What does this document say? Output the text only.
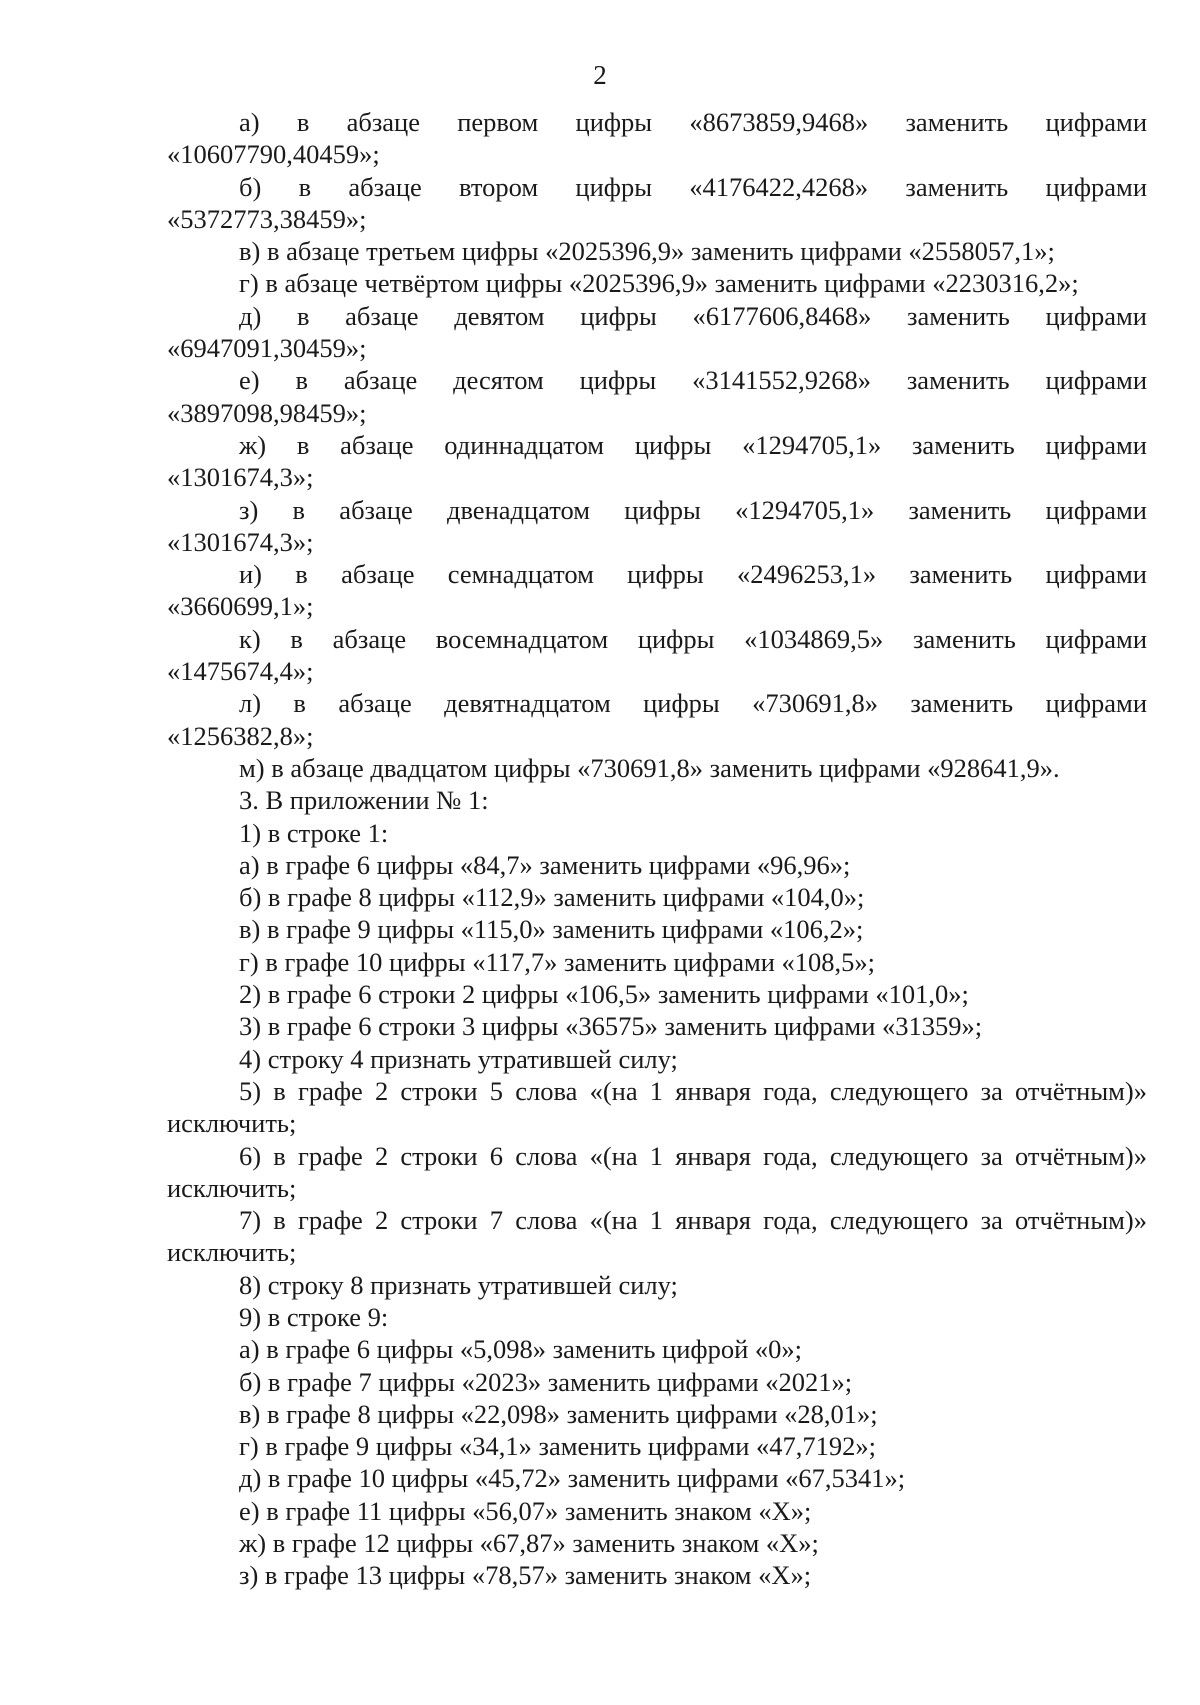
2
а) в абзаце первом цифры «8673859,9468» заменить цифрами
«10607790,40459»;
б) в абзаце втором цифры «4176422,4268» заменить цифрами
«5372773,38459»;
в) в абзаце третьем цифры «2025396,9» заменить цифрами «2558057,1»;
г) в абзаце четвёртом цифры «2025396,9» заменить цифрами «2230316,2»;
д) в абзаце девятом цифры «6177606,8468» заменить цифрами
«6947091,30459»;
е) в абзаце десятом цифры «3141552,9268» заменить цифрами
«3897098,98459»;
ж) в абзаце одиннадцатом цифры «1294705,1» заменить цифрами
«1301674,3»;
з) в абзаце двенадцатом цифры «1294705,1» заменить цифрами
«1301674,3»;
и) в абзаце семнадцатом цифры «2496253,1» заменить цифрами
«3660699,1»;
к) в абзаце восемнадцатом цифры «1034869,5» заменить цифрами
«1475674,4»;
л) в абзаце девятнадцатом цифры «730691,8» заменить цифрами
«1256382,8»;
м) в абзаце двадцатом цифры «730691,8» заменить цифрами «928641,9».
3. В приложении № 1:
1) в строке 1:
а) в графе 6 цифры «84,7» заменить цифрами «96,96»;
б) в графе 8 цифры «112,9» заменить цифрами «104,0»;
в) в графе 9 цифры «115,0» заменить цифрами «106,2»;
г) в графе 10 цифры «117,7» заменить цифрами «108,5»;
2) в графе 6 строки 2 цифры «106,5» заменить цифрами «101,0»;
3) в графе 6 строки 3 цифры «36575» заменить цифрами «31359»;
4) строку 4 признать утратившей силу;
5) в графе 2 строки 5 слова «(на 1 января года, следующего за отчётным)»
исключить;
6) в графе 2 строки 6 слова «(на 1 января года, следующего за отчётным)»
исключить;
7) в графе 2 строки 7 слова «(на 1 января года, следующего за отчётным)»
исключить;
8) строку 8 признать утратившей силу;
9) в строке 9:
а) в графе 6 цифры «5,098» заменить цифрой «0»;
б) в графе 7 цифры «2023» заменить цифрами «2021»;
в) в графе 8 цифры «22,098» заменить цифрами «28,01»;
г) в графе 9 цифры «34,1» заменить цифрами «47,7192»;
д) в графе 10 цифры «45,72» заменить цифрами «67,5341»;
е) в графе 11 цифры «56,07» заменить знаком «Х»;
ж) в графе 12 цифры «67,87» заменить знаком «Х»;
з) в графе 13 цифры «78,57» заменить знаком «Х»;
